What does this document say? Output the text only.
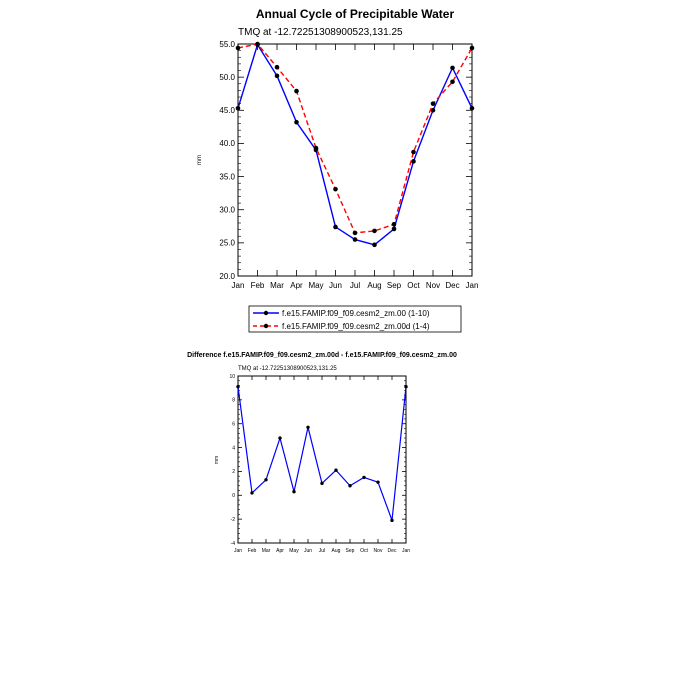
Annual Cycle of Precipitable Water
TMQ at -12.72251308900523,131.25
mm
20.0
25.0
30.0
35.0
40.0
45.0
50.0
55.0
Jan Feb Mar Apr May Jun Jul Aug Sep Oct Nov Dec Jan
f.e15.FAMIP.f09_f09.cesm2_zm.00 (1-10)
f.e15.FAMIP.f09_f09.cesm2_zm.00d (1-4)
Difference f.e15.FAMIP.f09_f09.cesm2_zm.00d - f.e15.FAMIP.f09_f09.cesm2_zm.00
TMQ at -12.72251308900523,131.25
mm
-4
-2
0
2
4
6
8
10
Jan Feb Mar Apr May Jun Jul Aug Sep Oct Nov Dec Jan
